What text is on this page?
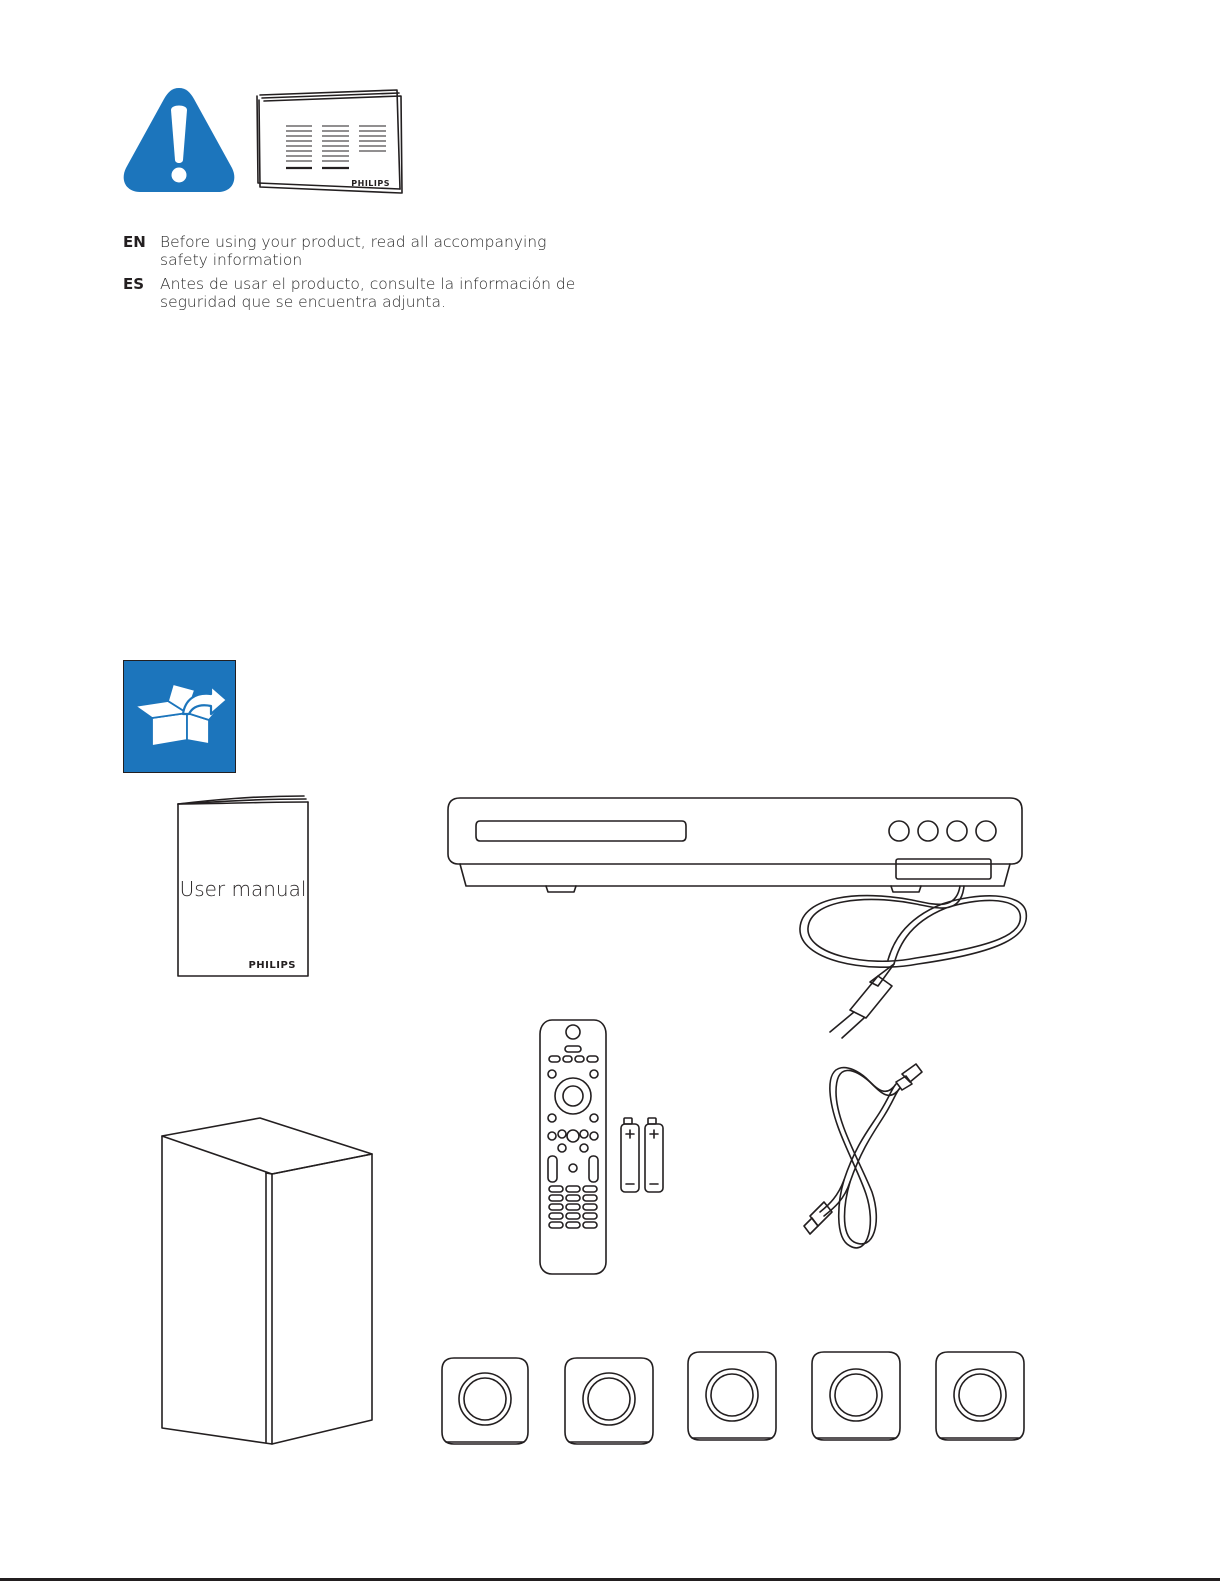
PHILIPS
EN Before using your product, read all accompanying safety information
ES	Antes de usar el producto, consulte la información de seguridad que se encuentra adjunta.
User manual
PHILIPS
